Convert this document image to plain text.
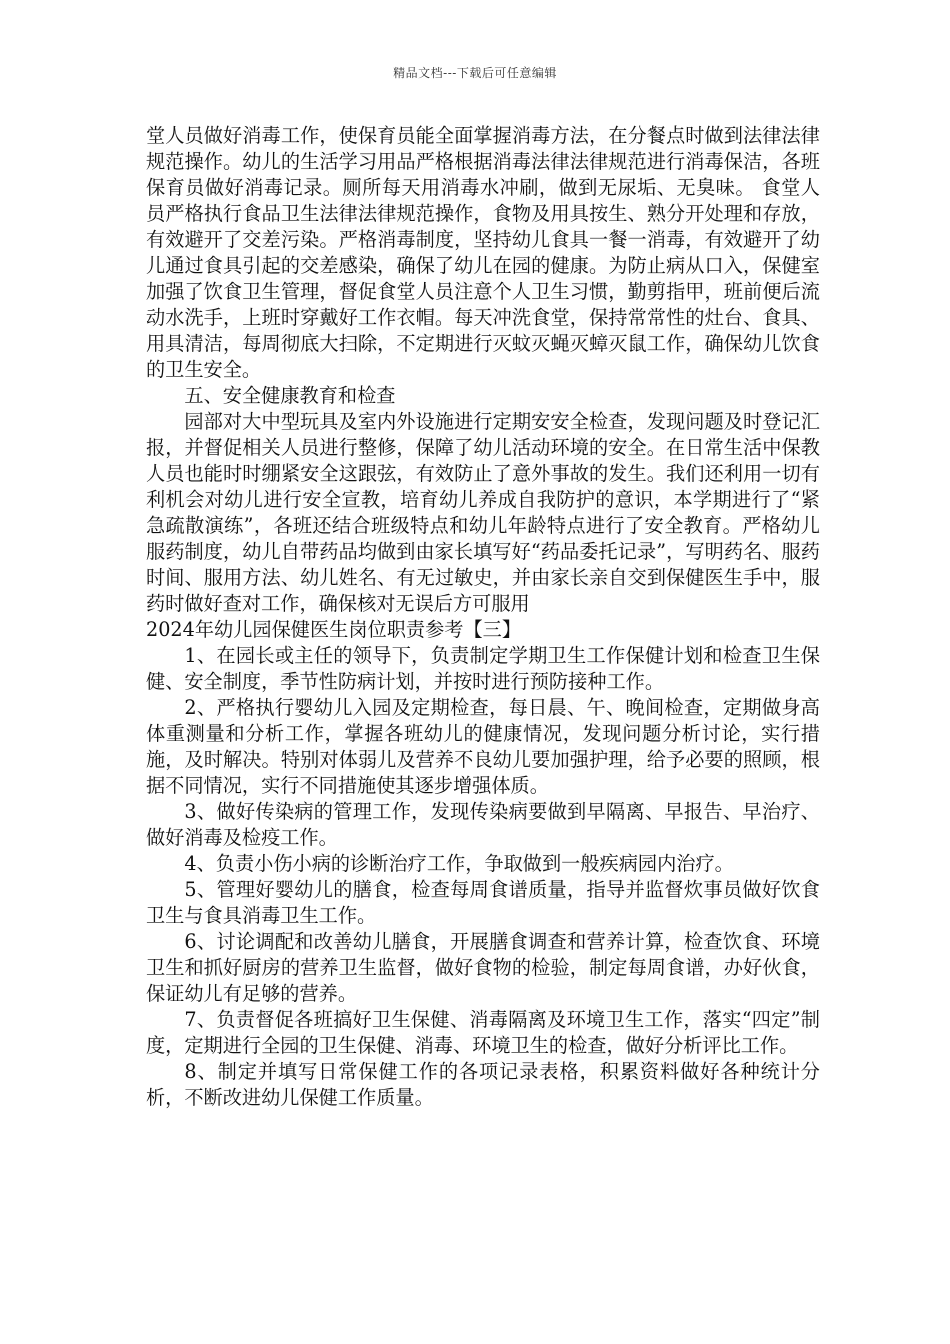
精品文档---下载后可任意编辑

堂人员做好消毒工作，使保育员能全面掌握消毒方法，在分餐点时做到法律法律规范操作。幼儿的生活学习用品严格根据消毒法律法律规范进行消毒保洁，各班保育员做好消毒记录。厕所每天用消毒水冲刷，做到无尿垢、无臭味。 食堂人员严格执行食品卫生法律法律规范操作，食物及用具按生、熟分开处理和存放，有效避开了交差污染。严格消毒制度，坚持幼儿食具一餐一消毒，有效避开了幼儿通过食具引起的交差感染，确保了幼儿在园的健康。为防止病从口入，保健室加强了饮食卫生管理，督促食堂人员注意个人卫生习惯，勤剪指甲，班前便后流动水洗手，上班时穿戴好工作衣帽。每天冲洗食堂，保持常常性的灶台、食具、用具清洁，每周彻底大扫除，不定期进行灭蚊灭蝇灭蟑灭鼠工作，确保幼儿饮食的卫生安全。

五、安全健康教育和检查

园部对大中型玩具及室内外设施进行定期安安全检查，发现问题及时登记汇报，并督促相关人员进行整修，保障了幼儿活动环境的安全。在日常生活中保教人员也能时时绷紧安全这跟弦，有效防止了意外事故的发生。我们还利用一切有利机会对幼儿进行安全宣教，培育幼儿养成自我防护的意识，本学期进行了“紧急疏散演练”，各班还结合班级特点和幼儿年龄特点进行了安全教育。严格幼儿服药制度，幼儿自带药品均做到由家长填写好“药品委托记录”，写明药名、服药时间、服用方法、幼儿姓名、有无过敏史，并由家长亲自交到保健医生手中，服药时做好查对工作，确保核对无误后方可服用

2024年幼儿园保健医生岗位职责参考【三】

1、在园长或主任的领导下，负责制定学期卫生工作保健计划和检查卫生保健、安全制度，季节性防病计划，并按时进行预防接种工作。

2、严格执行婴幼儿入园及定期检查，每日晨、午、晚间检查，定期做身高体重测量和分析工作，掌握各班幼儿的健康情况，发现问题分析讨论，实行措施，及时解决。特别对体弱儿及营养不良幼儿要加强护理，给予必要的照顾，根据不同情况，实行不同措施使其逐步增强体质。

3、做好传染病的管理工作，发现传染病要做到早隔离、早报告、早治疗、做好消毒及检疫工作。

4、负责小伤小病的诊断治疗工作，争取做到一般疾病园内治疗。

5、管理好婴幼儿的膳食，检查每周食谱质量，指导并监督炊事员做好饮食卫生与食具消毒卫生工作。

6、讨论调配和改善幼儿膳食，开展膳食调查和营养计算，检查饮食、环境卫生和抓好厨房的营养卫生监督，做好食物的检验，制定每周食谱，办好伙食，保证幼儿有足够的营养。

7、负责督促各班搞好卫生保健、消毒隔离及环境卫生工作，落实“四定”制度，定期进行全园的卫生保健、消毒、环境卫生的检查，做好分析评比工作。

8、制定并填写日常保健工作的各项记录表格，积累资料做好各种统计分析，不断改进幼儿保健工作质量。
